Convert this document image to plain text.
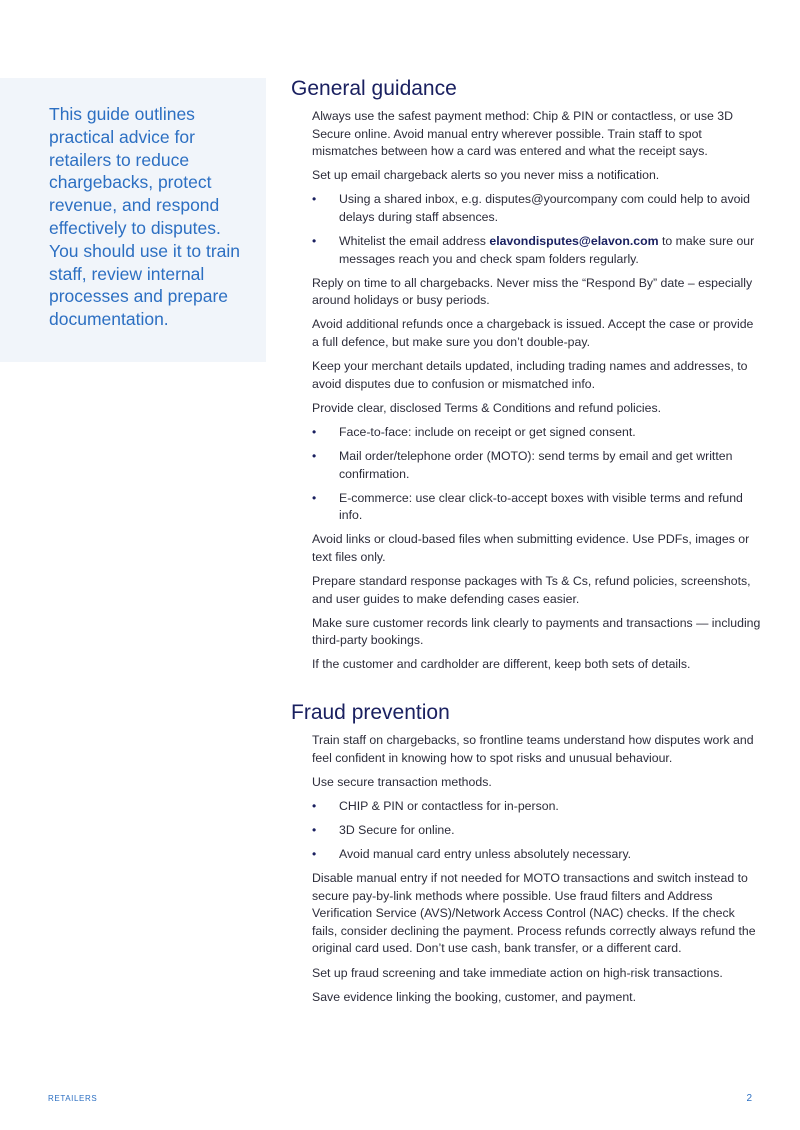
This guide outlines practical advice for retailers to reduce chargebacks, protect revenue, and respond effectively to disputes. You should use it to train staff, review internal processes and prepare documentation.

General guidance

Always use the safest payment method: Chip & PIN or contactless, or use 3D Secure online. Avoid manual entry wherever possible. Train staff to spot mismatches between how a card was entered and what the receipt says.

Set up email chargeback alerts so you never miss a notification.

• Using a shared inbox, e.g. disputes@yourcompany com could help to avoid delays during staff absences.
• Whitelist the email address elavondisputes@elavon.com to make sure our messages reach you and check spam folders regularly.

Reply on time to all chargebacks. Never miss the “Respond By” date – especially around holidays or busy periods.

Avoid additional refunds once a chargeback is issued. Accept the case or provide a full defence, but make sure you don’t double-pay.

Keep your merchant details updated, including trading names and addresses, to avoid disputes due to confusion or mismatched info.

Provide clear, disclosed Terms & Conditions and refund policies.

• Face-to-face: include on receipt or get signed consent.
• Mail order/telephone order (MOTO): send terms by email and get written confirmation.
• E-commerce: use clear click-to-accept boxes with visible terms and refund info.

Avoid links or cloud-based files when submitting evidence. Use PDFs, images or text files only.

Prepare standard response packages with Ts & Cs, refund policies, screenshots, and user guides to make defending cases easier.

Make sure customer records link clearly to payments and transactions — including third-party bookings.

If the customer and cardholder are different, keep both sets of details.

Fraud prevention

Train staff on chargebacks, so frontline teams understand how disputes work and feel confident in knowing how to spot risks and unusual behaviour.

Use secure transaction methods.

• CHIP & PIN or contactless for in-person.
• 3D Secure for online.
• Avoid manual card entry unless absolutely necessary.

Disable manual entry if not needed for MOTO transactions and switch instead to secure pay-by-link methods where possible. Use fraud filters and Address Verification Service (AVS)/Network Access Control (NAC) checks. If the check fails, consider declining the payment. Process refunds correctly always refund the original card used. Don’t use cash, bank transfer, or a different card.

Set up fraud screening and take immediate action on high-risk transactions.

Save evidence linking the booking, customer, and payment.

RETAILERS	2
